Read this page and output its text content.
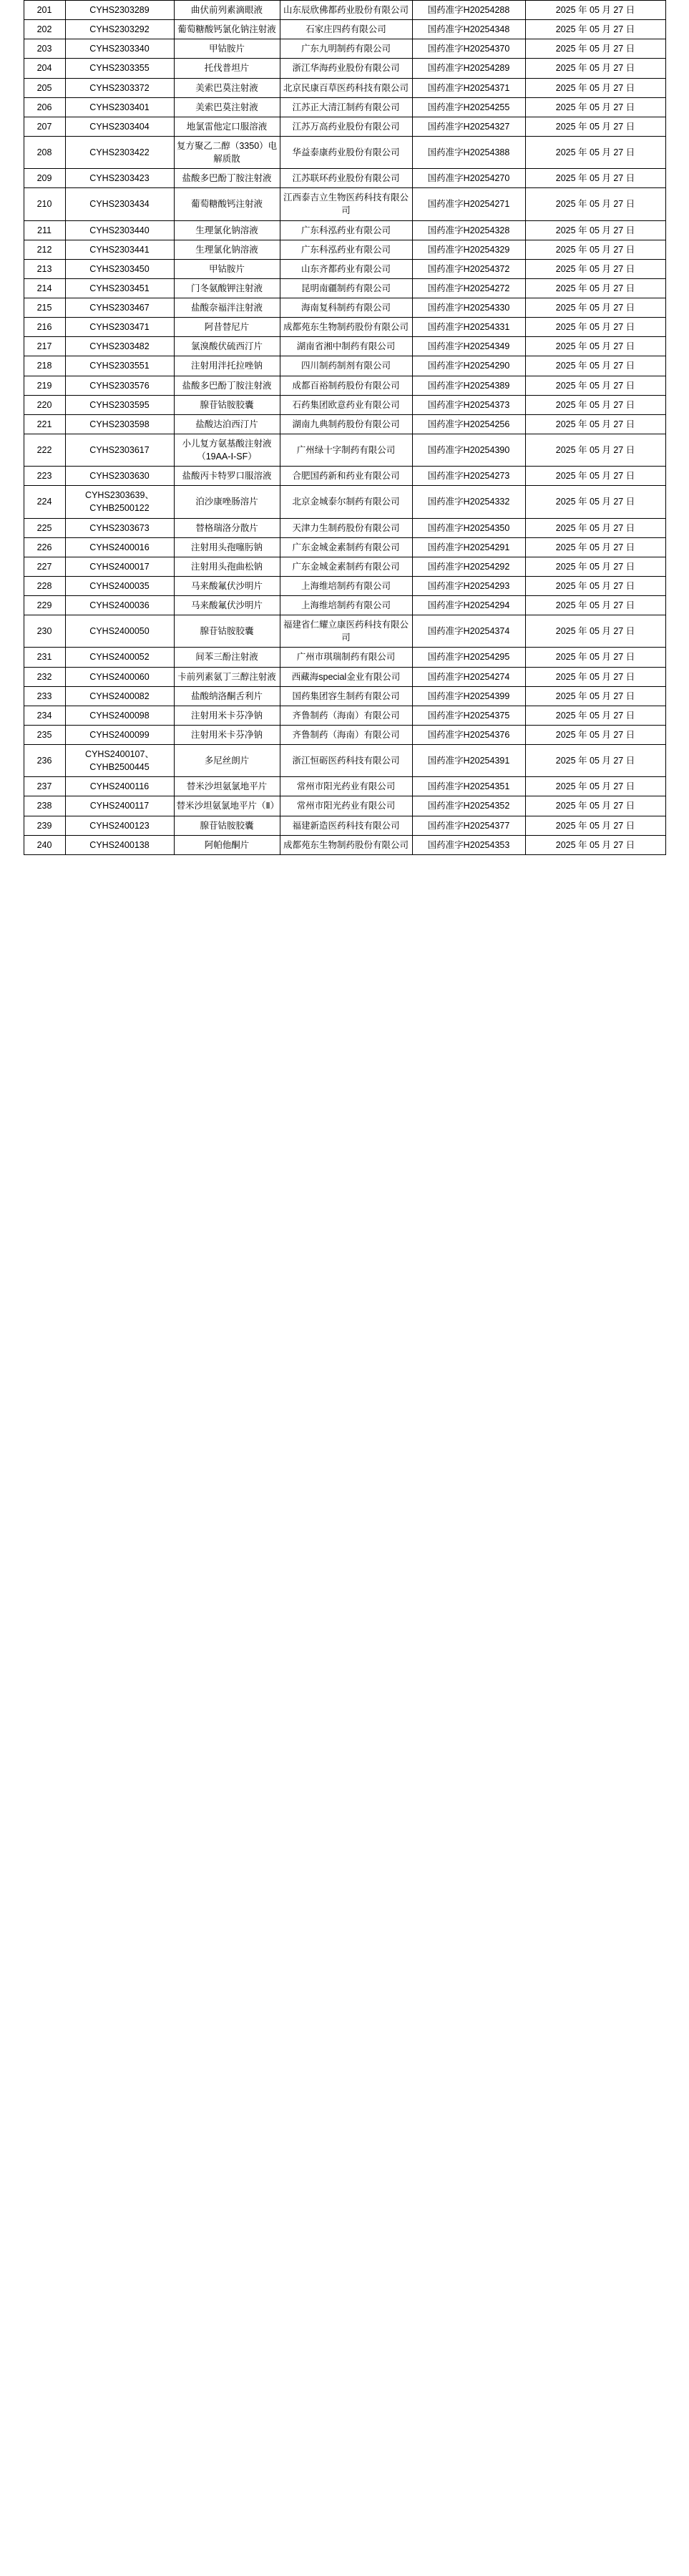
201	CYHS2303289	曲伏前列素滴眼液	山东辰欣佛都药业股份有限公司	国药准字H20254288	2025 年 05 月 27 日
202	CYHS2303292	葡萄糖酸钙氯化钠注射液	石家庄四药有限公司	国药准字H20254348	2025 年 05 月 27 日
203	CYHS2303340	甲钴胺片	广东九明制药有限公司	国药准字H20254370	2025 年 05 月 27 日
204	CYHS2303355	托伐普坦片	浙江华海药业股份有限公司	国药准字H20254289	2025 年 05 月 27 日
205	CYHS2303372	美索巴莫注射液	北京民康百草医药科技有限公司	国药准字H20254371	2025 年 05 月 27 日
206	CYHS2303401	美索巴莫注射液	江苏正大清江制药有限公司	国药准字H20254255	2025 年 05 月 27 日
207	CYHS2303404	地氯雷他定口服溶液	江苏万高药业股份有限公司	国药准字H20254327	2025 年 05 月 27 日
208	CYHS2303422	复方聚乙二醇（3350）电解质散	华益泰康药业股份有限公司	国药准字H20254388	2025 年 05 月 27 日
209	CYHS2303423	盐酸多巴酚丁胺注射液	江苏联环药业股份有限公司	国药准字H20254270	2025 年 05 月 27 日
210	CYHS2303434	葡萄糖酸钙注射液	江西泰吉立生物医药科技有限公司	国药准字H20254271	2025 年 05 月 27 日
211	CYHS2303440	生理氯化钠溶液	广东科泓药业有限公司	国药准字H20254328	2025 年 05 月 27 日
212	CYHS2303441	生理氯化钠溶液	广东科泓药业有限公司	国药准字H20254329	2025 年 05 月 27 日
213	CYHS2303450	甲钴胺片	山东齐都药业有限公司	国药准字H20254372	2025 年 05 月 27 日
214	CYHS2303451	门冬氨酸钾注射液	昆明南疆制药有限公司	国药准字H20254272	2025 年 05 月 27 日
215	CYHS2303467	盐酸奈福泮注射液	海南复科制药有限公司	国药准字H20254330	2025 年 05 月 27 日
216	CYHS2303471	阿昔替尼片	成都苑东生物制药股份有限公司	国药准字H20254331	2025 年 05 月 27 日
217	CYHS2303482	氯溴酸伏硫西汀片	湖南省湘中制药有限公司	国药准字H20254349	2025 年 05 月 27 日
218	CYHS2303551	注射用泮托拉唑钠	四川制药制剂有限公司	国药准字H20254290	2025 年 05 月 27 日
219	CYHS2303576	盐酸多巴酚丁胺注射液	成都百裕制药股份有限公司	国药准字H20254389	2025 年 05 月 27 日
220	CYHS2303595	腺苷钴胺胶囊	石药集团欧意药业有限公司	国药准字H20254373	2025 年 05 月 27 日
221	CYHS2303598	盐酸达泊西汀片	湖南九典制药股份有限公司	国药准字H20254256	2025 年 05 月 27 日
222	CYHS2303617	小儿复方氨基酸注射液（19AA-Ⅰ-SF）	广州绿十字制药有限公司	国药准字H20254390	2025 年 05 月 27 日
223	CYHS2303630	盐酸丙卡特罗口服溶液	合肥国药新和药业有限公司	国药准字H20254273	2025 年 05 月 27 日
224	CYHS2303639、CYHB2500122	泊沙康唑肠溶片	北京金城泰尔制药有限公司	国药准字H20254332	2025 年 05 月 27 日
225	CYHS2303673	替格瑞洛分散片	天津力生制药股份有限公司	国药准字H20254350	2025 年 05 月 27 日
226	CYHS2400016	注射用头孢噻肟钠	广东金城金素制药有限公司	国药准字H20254291	2025 年 05 月 27 日
227	CYHS2400017	注射用头孢曲松钠	广东金城金素制药有限公司	国药准字H20254292	2025 年 05 月 27 日
228	CYHS2400035	马来酸氟伏沙明片	上海维培制药有限公司	国药准字H20254293	2025 年 05 月 27 日
229	CYHS2400036	马来酸氟伏沙明片	上海维培制药有限公司	国药准字H20254294	2025 年 05 月 27 日
230	CYHS2400050	腺苷钴胺胶囊	福建省仁耀立康医药科技有限公司	国药准字H20254374	2025 年 05 月 27 日
231	CYHS2400052	间苯三酚注射液	广州市琪瑞制药有限公司	国药准字H20254295	2025 年 05 月 27 日
232	CYHS2400060	卡前列素氨丁三醇注射液	西藏海special金业有限公司	国药准字H20254274	2025 年 05 月 27 日
233	CYHS2400082	盐酸纳洛酮舌利片	国药集团容生制药有限公司	国药准字H20254399	2025 年 05 月 27 日
234	CYHS2400098	注射用米卡芬净钠	齐鲁制药（海南）有限公司	国药准字H20254375	2025 年 05 月 27 日
235	CYHS2400099	注射用米卡芬净钠	齐鲁制药（海南）有限公司	国药准字H20254376	2025 年 05 月 27 日
236	CYHS2400107、CYHB2500445	多尼丝朗片	浙江恒砺医药科技有限公司	国药准字H20254391	2025 年 05 月 27 日
237	CYHS2400116	替米沙坦氨氯地平片	常州市阳光药业有限公司	国药准字H20254351	2025 年 05 月 27 日
238	CYHS2400117	替米沙坦氨氯地平片（Ⅱ）	常州市阳光药业有限公司	国药准字H20254352	2025 年 05 月 27 日
239	CYHS2400123	腺苷钴胺胶囊	福建新造医药科技有限公司	国药准字H20254377	2025 年 05 月 27 日
240	CYHS2400138	阿帕他酮片	成都苑东生物制药股份有限公司	国药准字H20254353	2025 年 05 月 27 日
